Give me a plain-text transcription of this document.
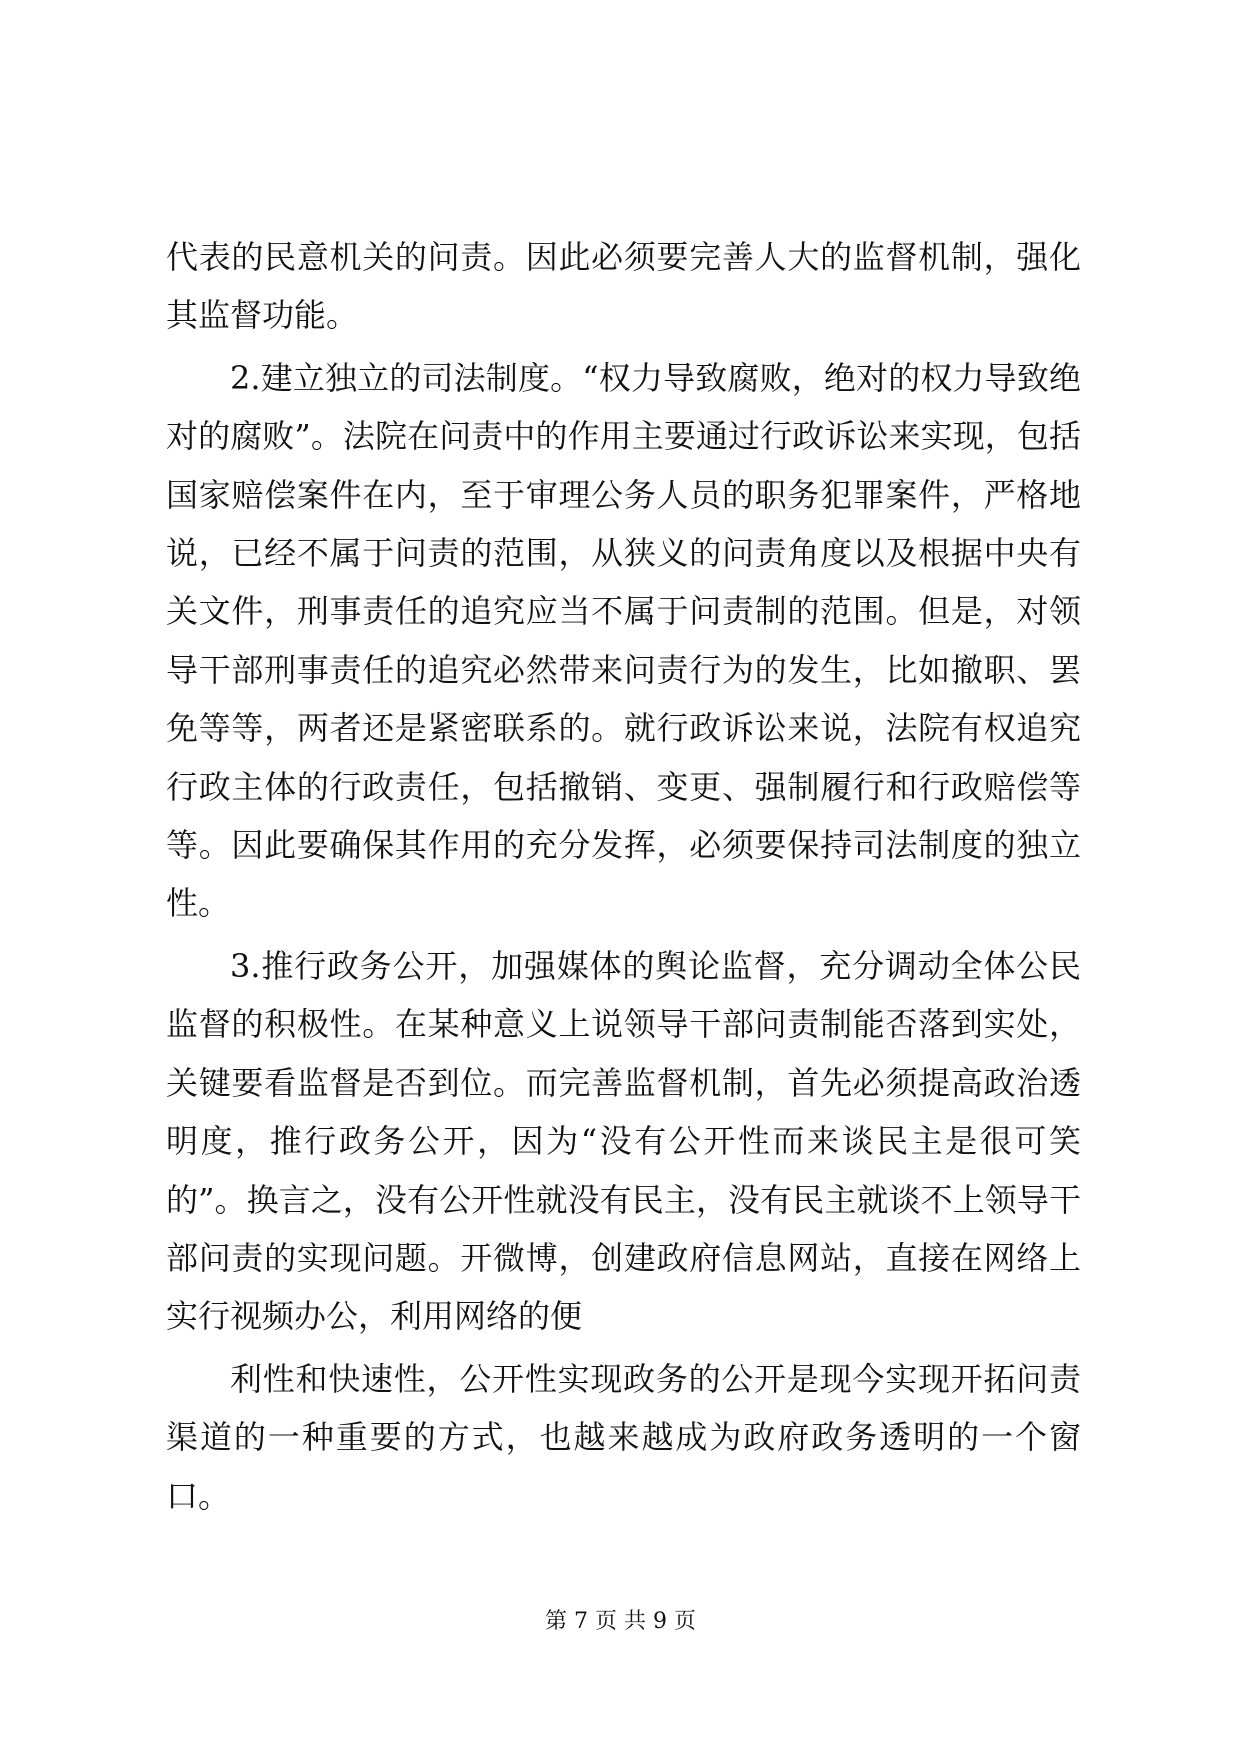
代表的民意机关的问责。因此必须要完善人大的监督机制，强化其监督功能。

2.建立独立的司法制度。“权力导致腐败，绝对的权力导致绝对的腐败”。法院在问责中的作用主要通过行政诉讼来实现，包括国家赔偿案件在内，至于审理公务人员的职务犯罪案件，严格地说，已经不属于问责的范围，从狭义的问责角度以及根据中央有关文件，刑事责任的追究应当不属于问责制的范围。但是，对领导干部刑事责任的追究必然带来问责行为的发生，比如撤职、罢免等等，两者还是紧密联系的。就行政诉讼来说，法院有权追究行政主体的行政责任，包括撤销、变更、强制履行和行政赔偿等等。因此要确保其作用的充分发挥，必须要保持司法制度的独立性。

3.推行政务公开，加强媒体的舆论监督，充分调动全体公民监督的积极性。在某种意义上说领导干部问责制能否落到实处，关键要看监督是否到位。而完善监督机制，首先必须提高政治透明度，推行政务公开，因为“没有公开性而来谈民主是很可笑的”。换言之，没有公开性就没有民主，没有民主就谈不上领导干部问责的实现问题。开微博，创建政府信息网站，直接在网络上实行视频办公，利用网络的便

利性和快速性，公开性实现政务的公开是现今实现开拓问责渠道的一种重要的方式，也越来越成为政府政务透明的一个窗口。

第 7 页 共 9 页
